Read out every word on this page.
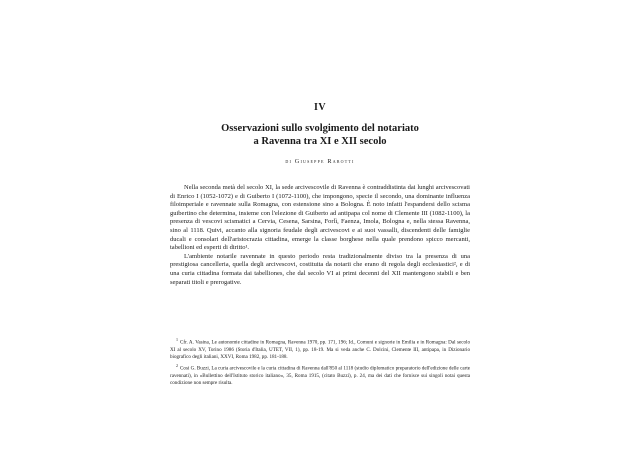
IV
Osservazioni sullo svolgimento del notariato
a Ravenna tra XI e XII secolo
di Giuseppe Rabotti

Nella seconda metà del secolo XI, la sede arcivescovile di Ravenna è contraddistinta dai lunghi arcivescovati di Enrico I (1052-1072) e di Guiberto I (1072-1100), che impongono, specie il secondo, una dominante influenza filoimperiale e ravennate sulla Romagna, con estensione sino a Bologna. È noto infatti l'espandersi dello scisma guibertino che determina, insieme con l'elezione di Guiberto ad antipapa col nome di Clemente III (1082-1100), la presenza di vescovi scismatici a Cervia, Cesena, Sarsina, Forlì, Faenza, Imola, Bologna e, nella stessa Ravenna, sino al 1118. Quivi, accanto alla signoria feudale degli arcivescovi e ai suoi vassalli, discendenti delle famiglie ducali e consolari dell'aristocrazia cittadina, emerge la classe borghese nella quale prendono spicco mercanti, tabellioni ed esperti di diritto¹.

L'ambiente notarile ravennate in questo periodo resta tradizionalmente diviso tra la presenza di una prestigiosa cancelleria, quella degli arcivescovi, costituita da notarii che erano di regola degli ecclesiastici², e di una curia cittadina formata dai tabelliones, che dal secolo VI ai primi decenni del XII mantengono stabili e ben separati titoli e prerogative.

$^1$Cfr. A. Vasina, Le autonomie cittadine in Romagna, Ravenna 1970, pp. 171, 196; Id., Comuni e signorie in Emilia e in Romagna: Dal secolo XI al secolo XV, Torino 1986 (Storia d'Italia, UTET, VII, 1), pp. 18-19. Ma si veda anche C. Dolcini, Clemente III, antipapa, in Dizionario biografico degli italiani, XXVI, Roma 1982, pp. 181-188.

$^2$Così G. Buzzi, La curia arcivescovile e la curia cittadina di Ravenna dall'850 al 1118 (studio diplomatico preparatorio dell'edizione delle carte ravennati), in «Bullettino dell'Istituto storico italiano», 35, Roma 1915, (citato Buzzi), p. 24, ma dei dati che fornisce sui singoli notai questa condizione non sempre risulta.
